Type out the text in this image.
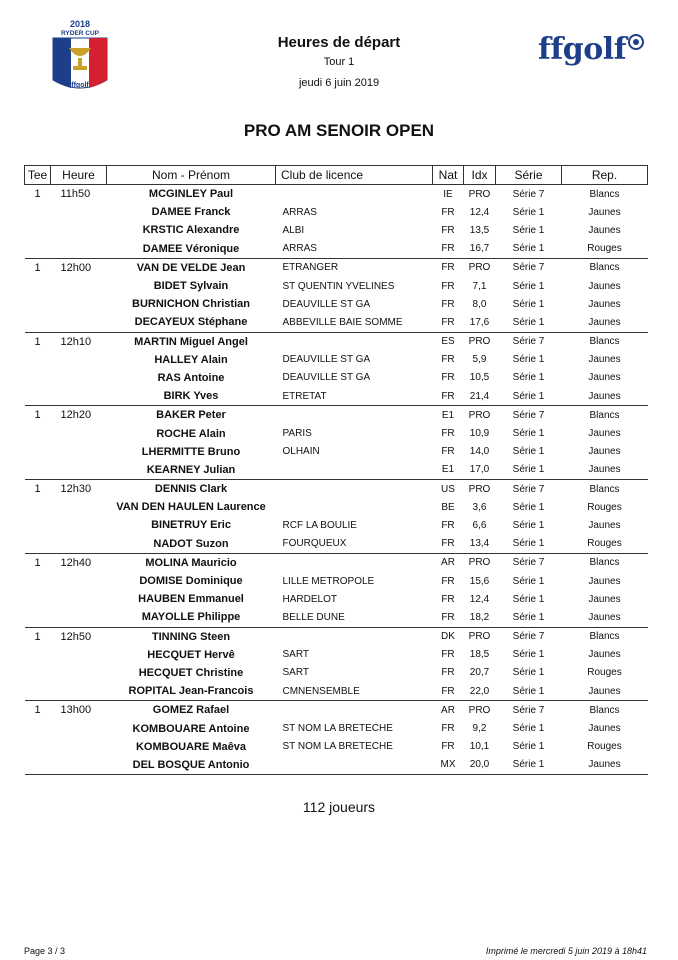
2018
RYDER CUP
ffgolf
ffgolf
Heures de départ
Tour 1
jeudi 6 juin 2019
PRO AM SENOIR OPEN
Tee	Heure	Nom - Prénom	Club de licence	Nat	Idx	Série	Rep.
1	11h50	MCGINLEY Paul		IE	PRO	Série 7	Blancs
		DAMEE Franck	ARRAS	FR	12,4	Série 1	Jaunes
		KRSTIC Alexandre	ALBI	FR	13,5	Série 1	Jaunes
		DAMEE Véronique	ARRAS	FR	16,7	Série 1	Rouges
1	12h00	VAN DE VELDE Jean	ETRANGER	FR	PRO	Série 7	Blancs
		BIDET Sylvain	ST QUENTIN YVELINES	FR	7,1	Série 1	Jaunes
		BURNICHON Christian	DEAUVILLE ST GA	FR	8,0	Série 1	Jaunes
		DECAYEUX Stéphane	ABBEVILLE BAIE SOMME	FR	17,6	Série 1	Jaunes
1	12h10	MARTIN Miguel Angel		ES	PRO	Série 7	Blancs
		HALLEY Alain	DEAUVILLE ST GA	FR	5,9	Série 1	Jaunes
		RAS Antoine	DEAUVILLE ST GA	FR	10,5	Série 1	Jaunes
		BIRK Yves	ETRETAT	FR	21,4	Série 1	Jaunes
1	12h20	BAKER Peter		E1	PRO	Série 7	Blancs
		ROCHE Alain	PARIS	FR	10,9	Série 1	Jaunes
		LHERMITTE Bruno	OLHAIN	FR	14,0	Série 1	Jaunes
		KEARNEY Julian		E1	17,0	Série 1	Jaunes
1	12h30	DENNIS Clark		US	PRO	Série 7	Blancs
		VAN DEN HAULEN Laurence		BE	3,6	Série 1	Rouges
		BINETRUY Eric	RCF LA BOULIE	FR	6,6	Série 1	Jaunes
		NADOT Suzon	FOURQUEUX	FR	13,4	Série 1	Rouges
1	12h40	MOLINA Mauricio		AR	PRO	Série 7	Blancs
		DOMISE Dominique	LILLE METROPOLE	FR	15,6	Série 1	Jaunes
		HAUBEN Emmanuel	HARDELOT	FR	12,4	Série 1	Jaunes
		MAYOLLE Philippe	BELLE DUNE	FR	18,2	Série 1	Jaunes
1	12h50	TINNING Steen		DK	PRO	Série 7	Blancs
		HECQUET Hervê	SART	FR	18,5	Série 1	Jaunes
		HECQUET Christine	SART	FR	20,7	Série 1	Rouges
		ROPITAL Jean-Francois	CMNENSEMBLE	FR	22,0	Série 1	Jaunes
1	13h00	GOMEZ Rafael		AR	PRO	Série 7	Blancs
		KOMBOUARE Antoine	ST NOM LA BRETECHE	FR	9,2	Série 1	Jaunes
		KOMBOUARE Maêva	ST NOM LA BRETECHE	FR	10,1	Série 1	Rouges
		DEL BOSQUE Antonio		MX	20,0	Série 1	Jaunes
112 joueurs
Page 3 / 3	Imprimé le mercredi 5 juin 2019 à 18h41
